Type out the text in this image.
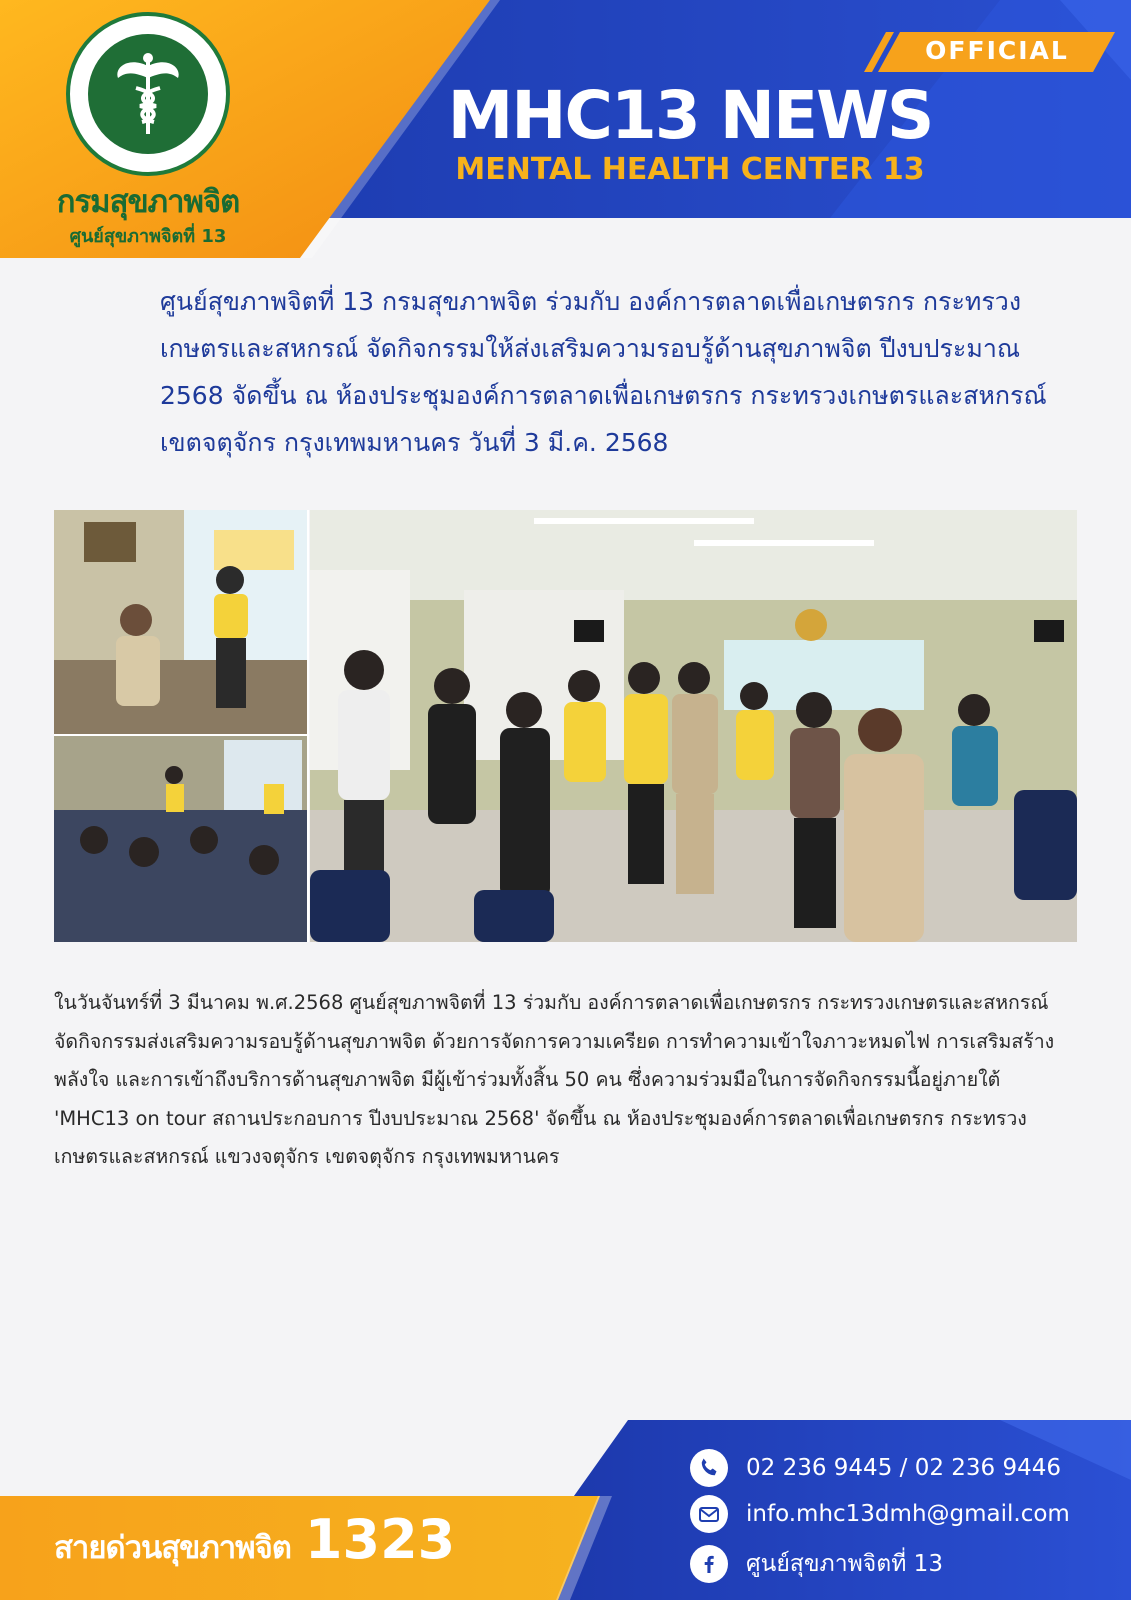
กรมสุขภาพจิต
ศูนย์สุขภาพจิตที่ 13
OFFICIAL
MHC13 NEWS
MENTAL HEALTH CENTER 13
ศูนย์สุขภาพจิตที่ 13 กรมสุขภาพจิต ร่วมกับ องค์การตลาดเพื่อเกษตรกร กระทรวงเกษตรและสหกรณ์ จัดกิจกรรมให้ส่งเสริมความรอบรู้ด้านสุขภาพจิต ปีงบประมาณ 2568 จัดขึ้น ณ ห้องประชุมองค์การตลาดเพื่อเกษตรกร กระทรวงเกษตรและสหกรณ์ เขตจตุจักร กรุงเทพมหานคร วันที่ 3 มี.ค. 2568
ในวันจันทร์ที่ 3 มีนาคม พ.ศ.2568 ศูนย์สุขภาพจิตที่ 13 ร่วมกับ องค์การตลาดเพื่อเกษตรกร กระทรวงเกษตรและสหกรณ์ จัดกิจกรรมส่งเสริมความรอบรู้ด้านสุขภาพจิต ด้วยการจัดการความเครียด การทำความเข้าใจภาวะหมดไฟ การเสริมสร้างพลังใจ และการเข้าถึงบริการด้านสุขภาพจิต มีผู้เข้าร่วมทั้งสิ้น 50 คน ซึ่งความร่วมมือในการจัดกิจกรรมนี้อยู่ภายใต้ 'MHC13 on tour สถานประกอบการ ปีงบประมาณ 2568' จัดขึ้น ณ ห้องประชุมองค์การตลาดเพื่อเกษตรกร กระทรวงเกษตรและสหกรณ์ แขวงจตุจักร เขตจตุจักร กรุงเทพมหานคร
สายด่วนสุขภาพจิต 1323
02 236 9445 / 02 236 9446
info.mhc13dmh@gmail.com
ศูนย์สุขภาพจิตที่ 13
